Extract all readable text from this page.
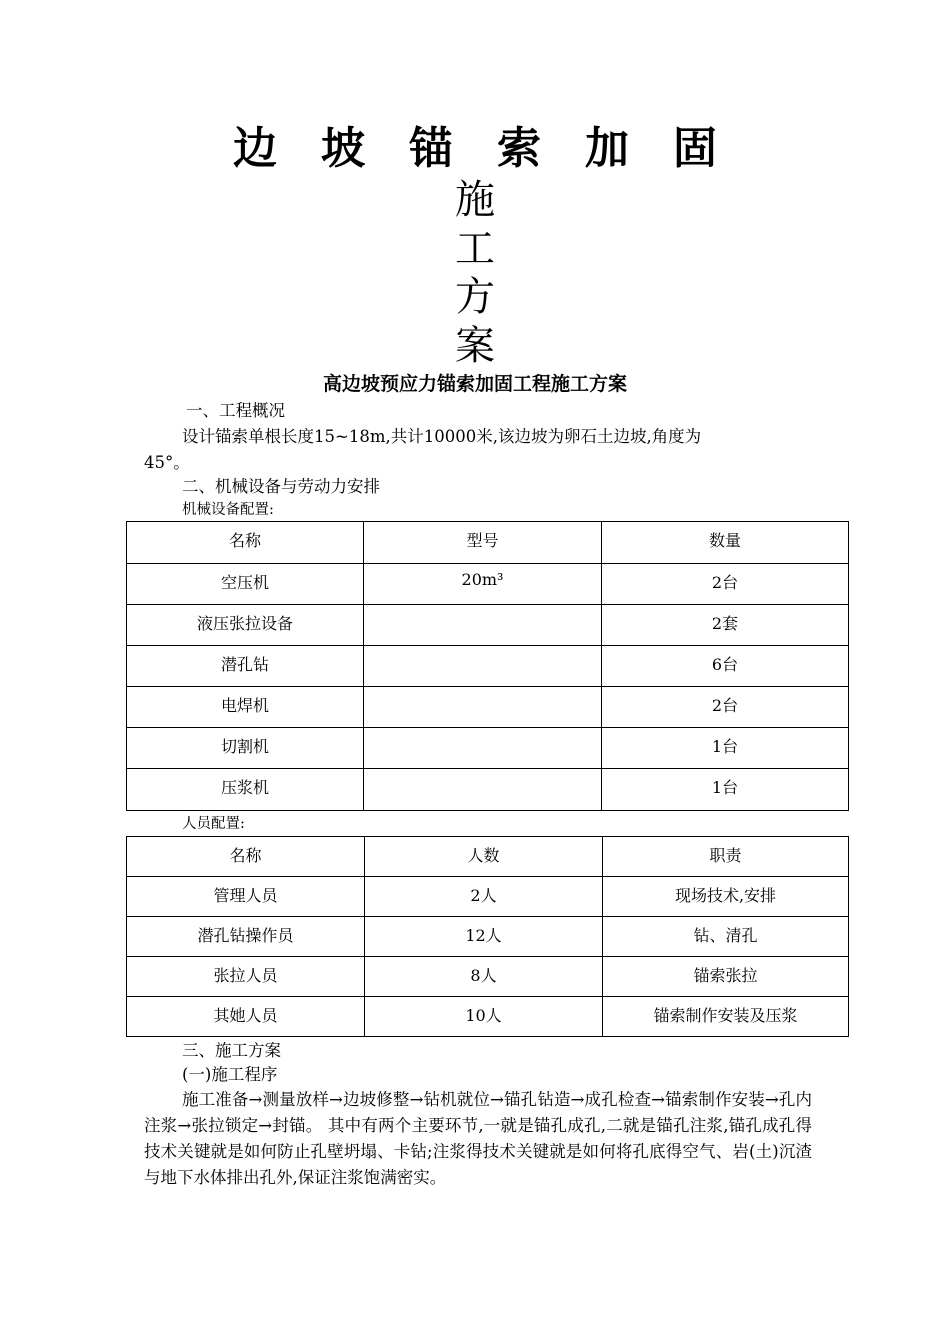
边坡锚索加固
施
工
方
案
高边坡预应力锚索加固工程施工方案
一、工程概况
设计锚索单根长度15~18m,共计10000米,该边坡为卵石土边坡,角度为
45°。
二、机械设备与劳动力安排
机械设备配置:
名称	型号	数量
空压机	20m³	2台
液压张拉设备		2套
潜孔钻		6台
电焊机		2台
切割机		1台
压浆机		1台
人员配置:
名称	人数	职责
管理人员	2人	现场技术,安排
潜孔钻操作员	12人	钻、清孔
张拉人员	8人	锚索张拉
其她人员	10人	锚索制作安装及压浆
三、施工方案
(一)施工程序
施工准备→测量放样→边坡修整→钻机就位→锚孔钻造→成孔检查→锚索制作安装→孔内注浆→张拉锁定→封锚。 其中有两个主要环节,一就是锚孔成孔,二就是锚孔注浆,锚孔成孔得技术关键就是如何防止孔壁坍塌、卡钻;注浆得技术关键就是如何将孔底得空气、岩(土)沉渣与地下水体排出孔外,保证注浆饱满密实。
